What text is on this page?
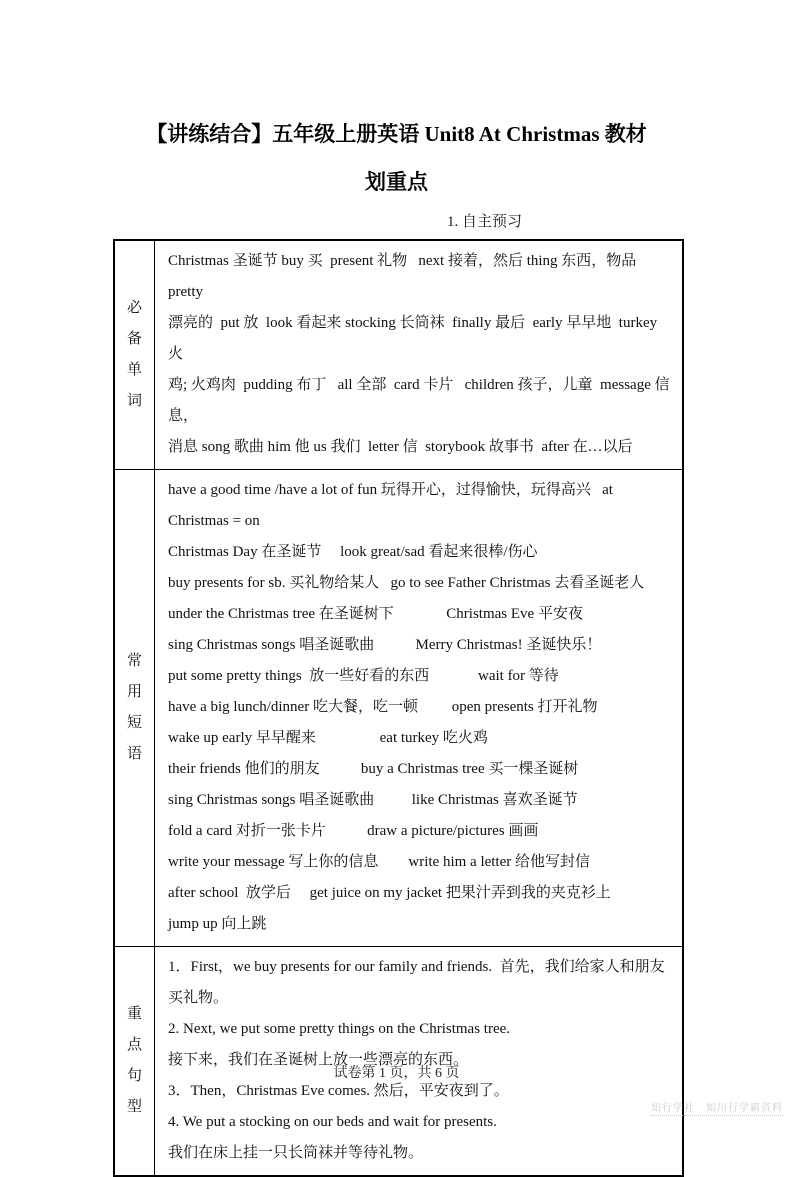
【讲练结合】五年级上册英语 Unit8 At Christmas 教材
划重点
1. 自主预习
必
备
单
词

Christmas 圣诞节 buy 买  present 礼物   next 接着，然后 thing 东西，物品 pretty
漂亮的  put 放  look 看起来 stocking 长筒袜  finally 最后  early 早早地  turkey 火
鸡; 火鸡肉  pudding 布丁   all 全部  card 卡片   children 孩子，儿童  message 信息，
消息 song 歌曲 him 他 us 我们  letter 信  storybook 故事书  after 在…以后

常
用
短
语

have a good time /have a lot of fun 玩得开心，过得愉快，玩得高兴   at Christmas = on
Christmas Day 在圣诞节     look great/sad 看起来很棒/伤心
buy presents for sb. 买礼物给某人   go to see Father Christmas 去看圣诞老人
under the Christmas tree 在圣诞树下              Christmas Eve 平安夜
sing Christmas songs 唱圣诞歌曲           Merry Christmas! 圣诞快乐！
put some pretty things  放一些好看的东西             wait for 等待
have a big lunch/dinner 吃大餐，吃一顿         open presents 打开礼物
wake up early 早早醒来                 eat turkey 吃火鸡
their friends 他们的朋友           buy a Christmas tree 买一棵圣诞树
sing Christmas songs 唱圣诞歌曲          like Christmas 喜欢圣诞节
fold a card 对折一张卡片           draw a picture/pictures 画画
write your message 写上你的信息        write him a letter 给他写封信
after school  放学后     get juice on my jacket 把果汁弄到我的夹克衫上
jump up 向上跳

重
点
句
型

1．First，we buy presents for our family and friends.  首先，我们给家人和朋友买礼物。
2. Next, we put some pretty things on the Christmas tree.
接下来，我们在圣诞树上放一些漂亮的东西。
3．Then，Christmas Eve comes. 然后，平安夜到了。
4. We put a stocking on our beds and wait for presents.
我们在床上挂一只长筒袜并等待礼物。
试卷第 1 页，共 6 页
知行学社　知川行学霸资料
